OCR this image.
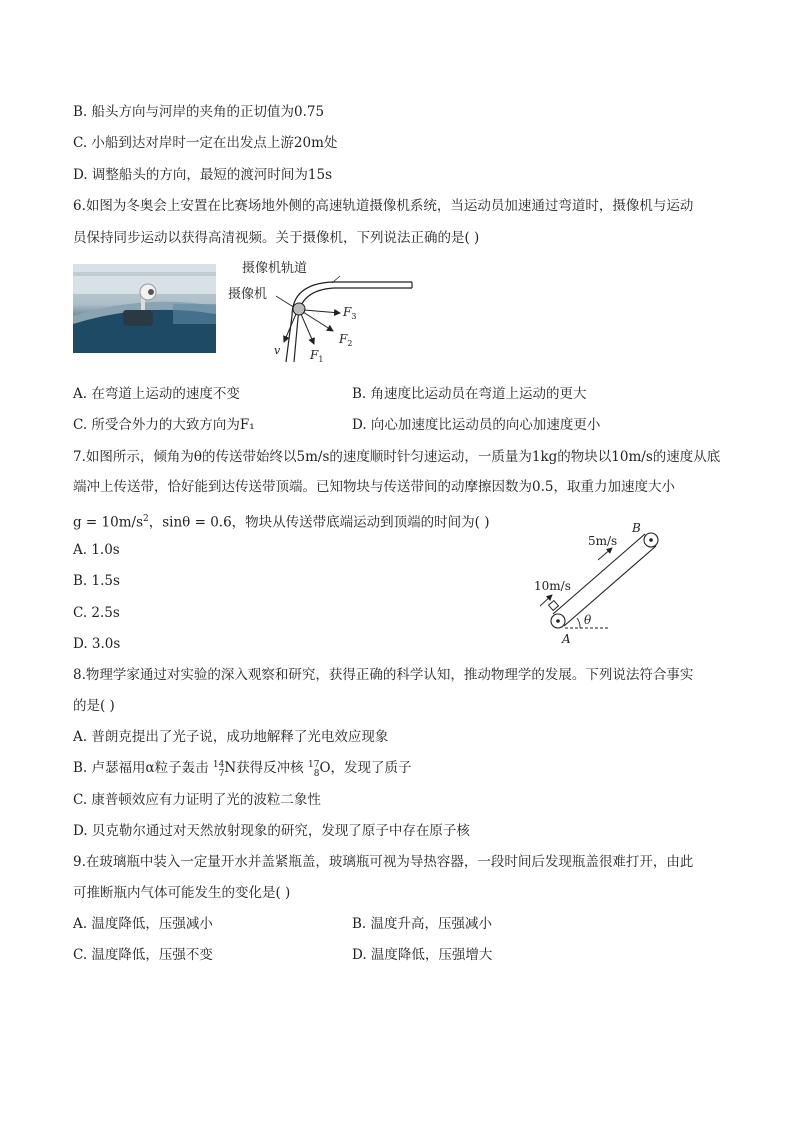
B. 船头方向与河岸的夹角的正切值为0.75
C. 小船到达对岸时一定在出发点上游20m处
D. 调整船头的方向，最短的渡河时间为15s
6.如图为冬奥会上安置在比赛场地外侧的高速轨道摄像机系统，当运动员加速通过弯道时，摄像机与运动
员保持同步运动以获得高清视频。关于摄像机，下列说法正确的是( )
摄像机轨道
摄像机
v $F_1$
$F_2$
$F_3$
A. 在弯道上运动的速度不变	B. 角速度比运动员在弯道上运动的更大
C. 所受合外力的大致方向为F₁	D. 向心加速度比运动员的向心加速度更小
7.如图所示，倾角为θ的传送带始终以5m/s的速度顺时针匀速运动，一质量为1kg的物块以10m/s的速度从底
端冲上传送带，恰好能到达传送带顶端。已知物块与传送带间的动摩擦因数为0.5，取重力加速度大小
$g = 10m/s^2$，sinθ = 0.6，物块从传送带底端运动到顶端的时间为( )
A. 1.0s
B. 1.5s
C. 2.5s
D. 3.0s
θ
A
B
5m/s
10m/s
8.物理学家通过对实验的深入观察和研究，获得正确的科学认知，推动物理学的发展。下列说法符合事实
的是( )
A. 普朗克提出了光子说，成功地解释了光电效应现象
B. 卢瑟福用α粒子轰击 14
7 N获得反冲核 17
8 O，发现了质子
C. 康普顿效应有力证明了光的波粒二象性
D. 贝克勒尔通过对天然放射现象的研究，发现了原子中存在原子核
9.在玻璃瓶中装入一定量开水并盖紧瓶盖，玻璃瓶可视为导热容器，一段时间后发现瓶盖很难打开，由此
可推断瓶内气体可能发生的变化是( )
A. 温度降低，压强减小	B. 温度升高，压强减小
C. 温度降低，压强不变	D. 温度降低，压强增大
